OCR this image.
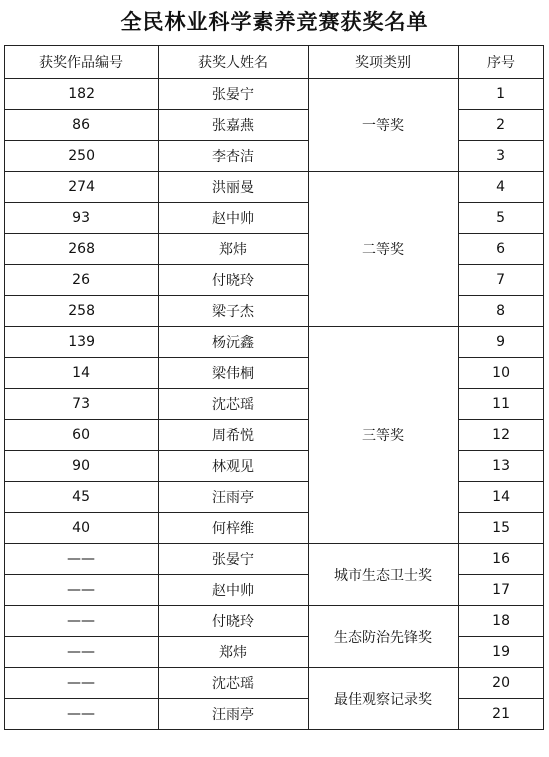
全民林业科学素养竞赛获奖名单
序号	奖项类别	获奖人姓名	获奖作品编号
1	一等奖	张晏宁	182
2		张嘉燕	86
3		李杏洁	250
4	二等奖	洪丽曼	274
5		赵中帅	93
6		郑炜	268
7		付晓玲	26
8		梁子杰	258
9	三等奖	杨沅鑫	139
10		梁伟桐	14
11		沈芯瑶	73
12		周希悦	60
13		林观见	90
14		汪雨亭	45
15		何梓维	40
16	城市生态卫士奖	张晏宁	——
17		赵中帅	——
18	生态防治先锋奖	付晓玲	——
19		郑炜	——
20	最佳观察记录奖	沈芯瑶	——
21		汪雨亭	——
